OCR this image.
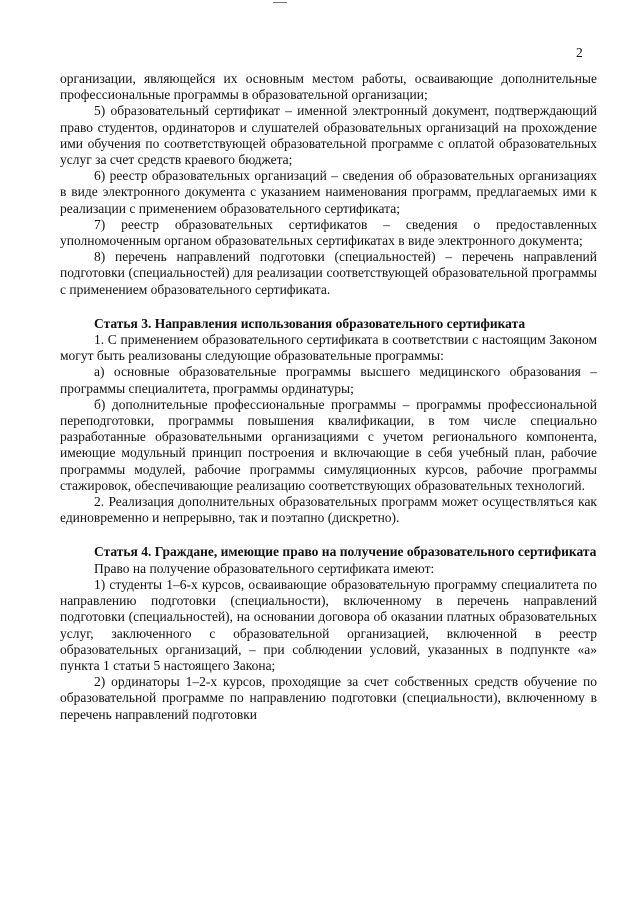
2

организации, являющейся их основным местом работы, осваивающие дополнительные профессиональные программы в образовательной организации;

5) образовательный сертификат – именной электронный документ, подтверждающий право студентов, ординаторов и слушателей образовательных организаций на прохождение ими обучения по соответствующей образовательной программе с оплатой образовательных услуг за счет средств краевого бюджета;

6) реестр образовательных организаций – сведения об образовательных организациях в виде электронного документа с указанием наименования программ, предлагаемых ими к реализации с применением образовательного сертификата;

7) реестр образовательных сертификатов – сведения о предоставленных уполномоченным органом образовательных сертификатах в виде электронного документа;

8) перечень направлений подготовки (специальностей) – перечень направлений подготовки (специальностей) для реализации соответствующей образовательной программы с применением образовательного сертификата.

Статья 3. Направления использования образовательного сертификата

1. С применением образовательного сертификата в соответствии с настоящим Законом могут быть реализованы следующие образовательные программы:

а) основные образовательные программы высшего медицинского образования – программы специалитета, программы ординатуры;

б) дополнительные профессиональные программы – программы профессиональной переподготовки, программы повышения квалификации, в том числе специально разработанные образовательными организациями с учетом регионального компонента, имеющие модульный принцип построения и включающие в себя учебный план, рабочие программы модулей, рабочие программы симуляционных курсов, рабочие программы стажировок, обеспечивающие реализацию соответствующих образовательных технологий.

2. Реализация дополнительных образовательных программ может осуществляться как единовременно и непрерывно, так и поэтапно (дискретно).

Статья 4. Граждане, имеющие право на получение образовательного сертификата

Право на получение образовательного сертификата имеют:

1) студенты 1–6-х курсов, осваивающие образовательную программу специалитета по направлению подготовки (специальности), включенному в перечень направлений подготовки (специальностей), на основании договора об оказании платных образовательных услуг, заключенного с образовательной организацией, включенной в реестр образовательных организаций, – при соблюдении условий, указанных в подпункте «а» пункта 1 статьи 5 настоящего Закона;

2) ординаторы 1–2-х курсов, проходящие за счет собственных средств обучение по образовательной программе по направлению подготовки (специальности), включенному в перечень направлений подготовки
